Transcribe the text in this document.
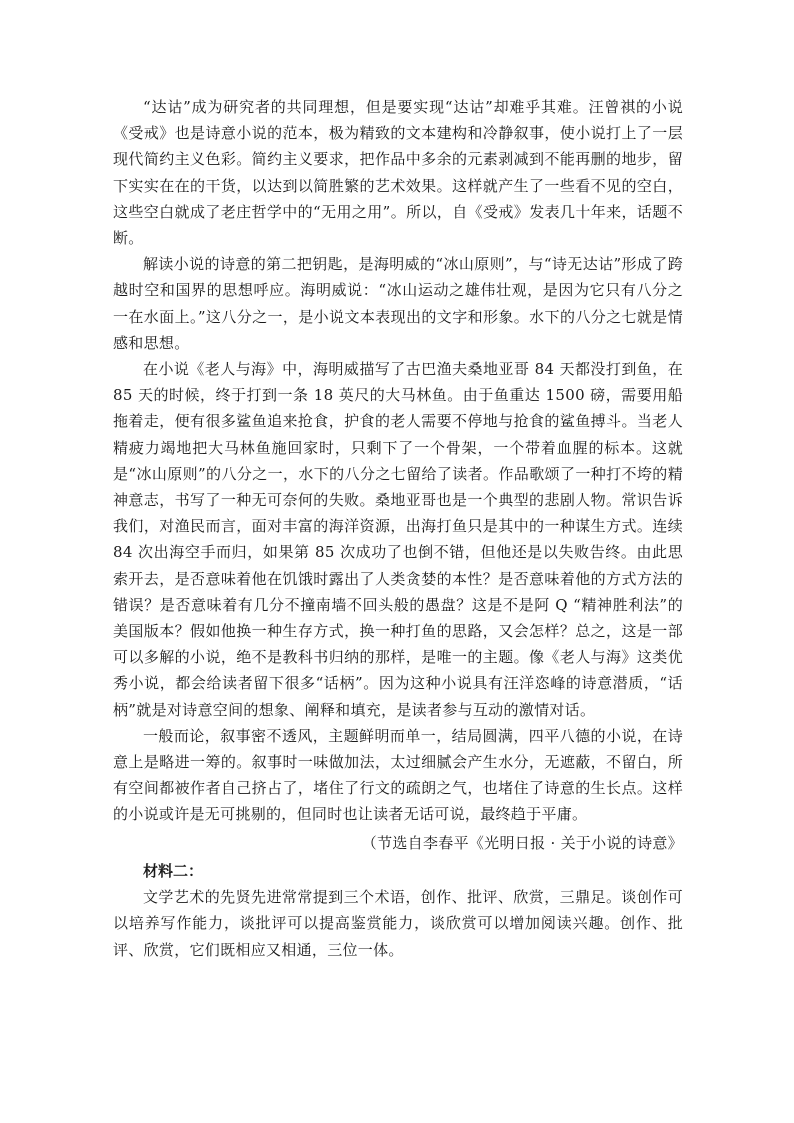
“达诂”成为研究者的共同理想，但是要实现“达诂”却难乎其难。汪曾祺的小说《受戒》也是诗意小说的范本，极为精致的文本建构和冷静叙事，使小说打上了一层现代简约主义色彩。简约主义要求，把作品中多余的元素剥减到不能再删的地步，留下实实在在的干货，以达到以简胜繁的艺术效果。这样就产生了一些看不见的空白，这些空白就成了老庄哲学中的“无用之用”。所以，自《受戒》发表几十年来，话题不断。

解读小说的诗意的第二把钥匙，是海明威的“冰山原则”，与“诗无达诂”形成了跨越时空和国界的思想呼应。海明威说：“冰山运动之雄伟壮观，是因为它只有八分之一在水面上。”这八分之一，是小说文本表现出的文字和形象。水下的八分之七就是情感和思想。

在小说《老人与海》中，海明威描写了古巴渔夫桑地亚哥 84 天都没打到鱼，在 85 天的时候，终于打到一条 18 英尺的大马林鱼。由于鱼重达 1500 磅，需要用船拖着走，便有很多鲨鱼追来抢食，护食的老人需要不停地与抢食的鲨鱼搏斗。当老人精疲力竭地把大马林鱼施回家时，只剩下了一个骨架，一个带着血腥的标本。这就是“冰山原则”的八分之一，水下的八分之七留给了读者。作品歌颂了一种打不垮的精神意志，书写了一种无可奈何的失败。桑地亚哥也是一个典型的悲剧人物。常识告诉我们，对渔民而言，面对丰富的海洋资源，出海打鱼只是其中的一种谋生方式。连续 84 次出海空手而归，如果第 85 次成功了也倒不错，但他还是以失败告终。由此思索开去，是否意味着他在饥饿时露出了人类贪婪的本性？是否意味着他的方式方法的错误？是否意味着有几分不撞南墙不回头般的愚盘？这是不是阿 Q “精神胜利法”的美国版本？假如他换一种生存方式，换一种打鱼的思路，又会怎样？总之，这是一部可以多解的小说，绝不是教科书归纳的那样，是唯一的主题。像《老人与海》这类优秀小说，都会给读者留下很多“话柄”。因为这种小说具有汪洋恣峰的诗意潜质，“话柄”就是对诗意空间的想象、阐释和填充，是读者参与互动的激情对话。

一般而论，叙事密不透风，主题鲜明而单一，结局圆满，四平八德的小说，在诗意上是略进一筹的。叙事时一味做加法，太过细腻会产生水分，无遮蔽，不留白，所有空间都被作者自己挤占了，堵住了行文的疏朗之气，也堵住了诗意的生长点。这样的小说或许是无可挑剔的，但同时也让读者无话可说，最终趋于平庸。

（节选自李春平《光明日报 · 关于小说的诗意》

材料二：

文学艺术的先贤先进常常提到三个术语，创作、批评、欣赏，三鼎足。谈创作可以培养写作能力，谈批评可以提高鉴赏能力，谈欣赏可以增加阅读兴趣。创作、批评、欣赏，它们既相应又相通，三位一体。
